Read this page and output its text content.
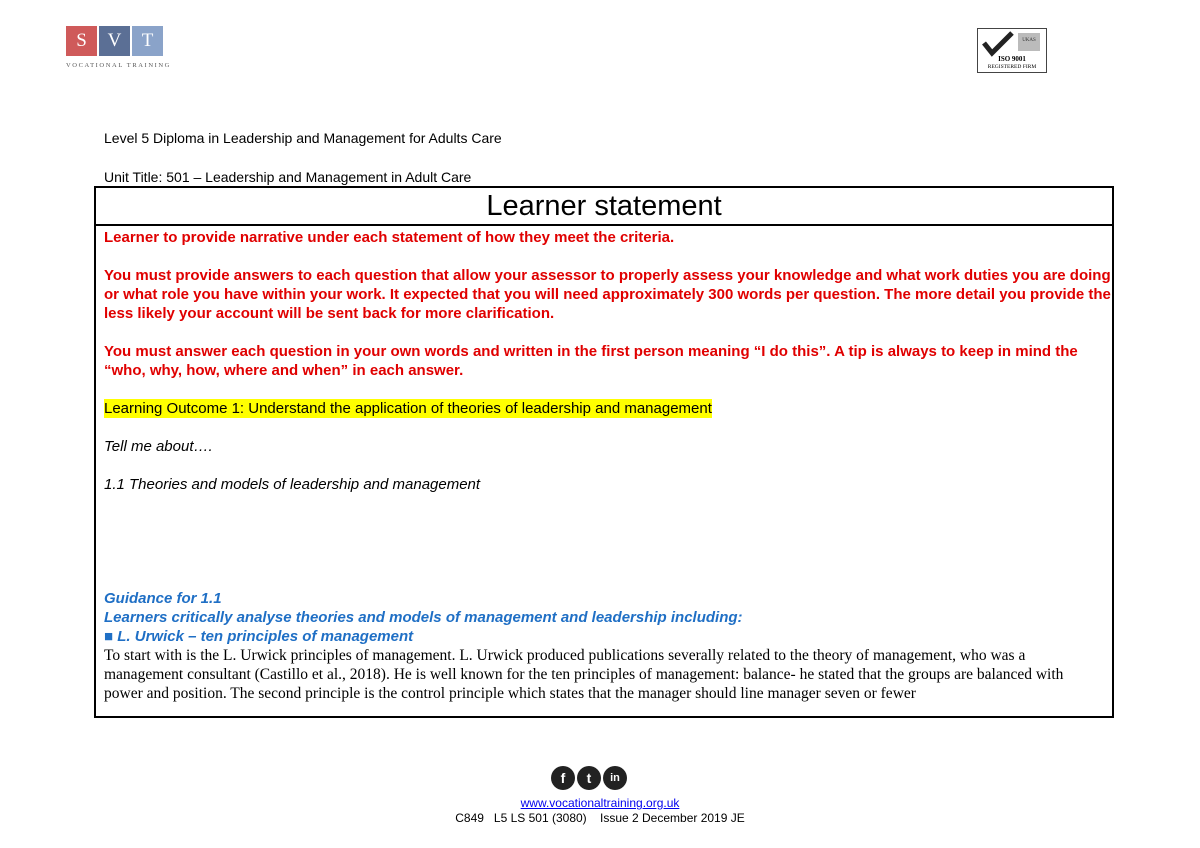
S	V	T
VOCATIONAL TRAINING
UKAS
ISO 9001
REGISTERED FIRM

Level 5 Diploma in Leadership and Management for Adults Care

Unit Title: 501 – Leadership and Management in Adult Care

Learner statement

Learner to provide narrative under each statement of how they meet the criteria.

You must provide answers to each question that allow your assessor to properly assess your knowledge and what work duties you are doing or what role you have within your work. It expected that you will need approximately 300 words per question. The more detail you provide the less likely your account will be sent back for more clarification.

You must answer each question in your own words and written in the first person meaning “I do this”. A tip is always to keep in mind the “who, why, how, where and when” in each answer.

Learning Outcome 1: Understand the application of theories of leadership and management

Tell me about….

1.1 Theories and models of leadership and management

Guidance for 1.1

Learners critically analyse theories and models of management and leadership including:

■ L. Urwick – ten principles of management

To start with is the L. Urwick principles of management. L. Urwick produced publications severally related to the theory of management, who was a management consultant (Castillo et al., 2018). He is well known for the ten principles of management: balance- he stated that the groups are balanced with power and position. The second principle is the control principle which states that the manager should line manager seven or fewer

f	t	in
www.vocationaltraining.org.uk
C849   L5 LS 501 (3080)    Issue 2 December 2019 JE
